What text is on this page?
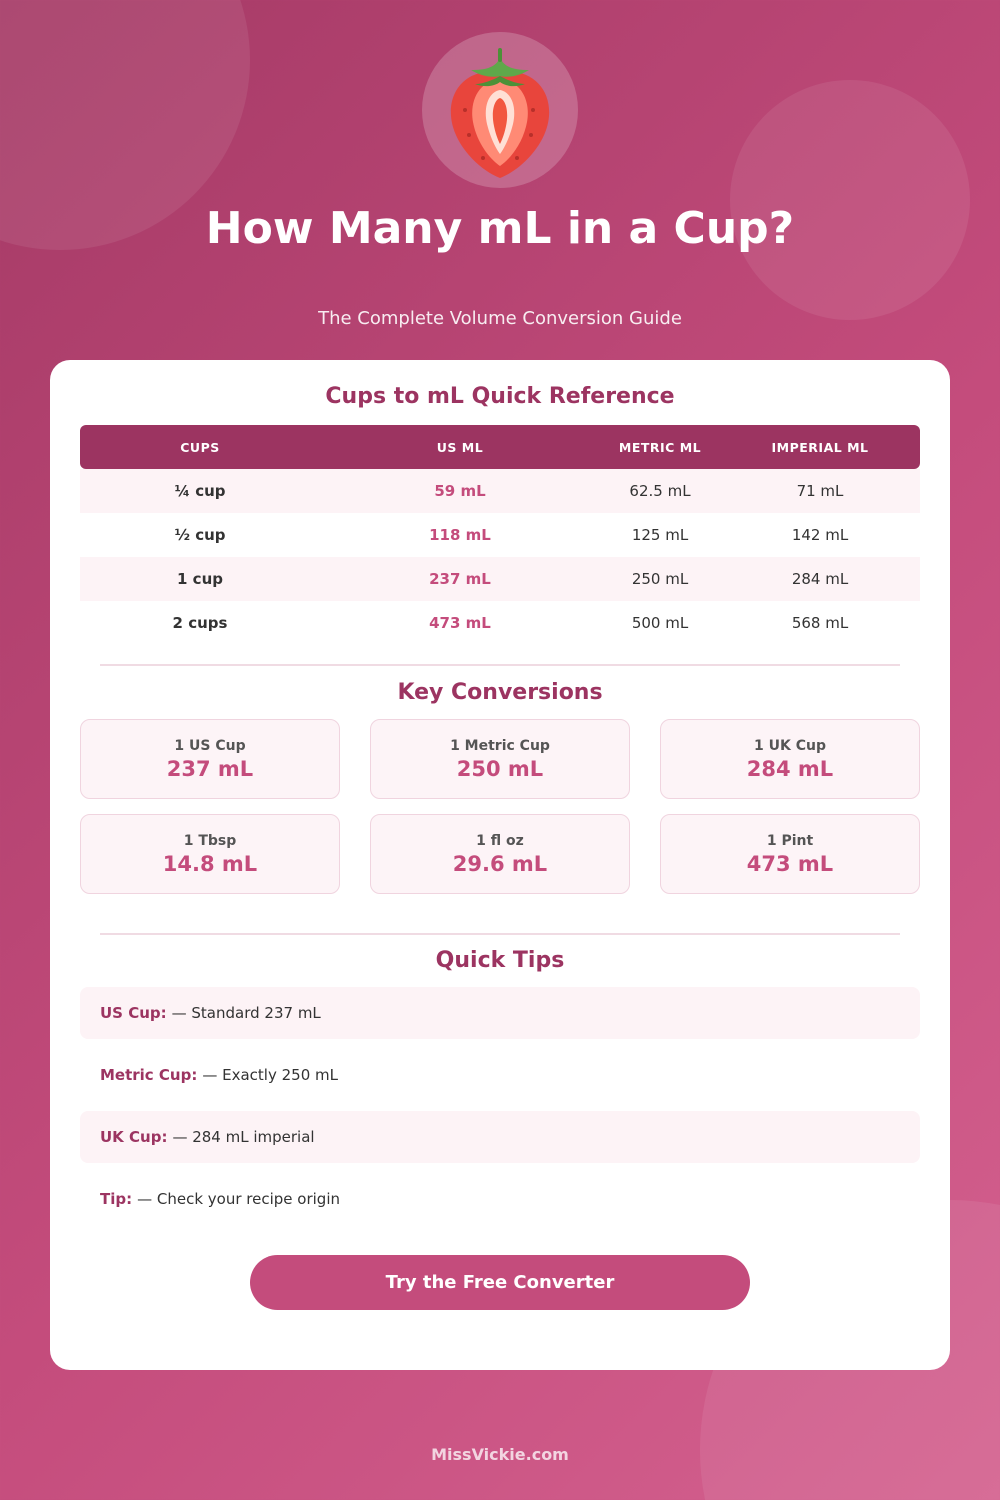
How Many mL in a Cup?
The Complete Volume Conversion Guide
Cups to mL Quick Reference
CUPS	US ML	METRIC ML	IMPERIAL ML
¼ cup	59 mL	62.5 mL	71 mL
½ cup	118 mL	125 mL	142 mL
1 cup	237 mL	250 mL	284 mL
2 cups	473 mL	500 mL	568 mL
Key Conversions
1 US Cup
237 mL
1 Metric Cup
250 mL
1 UK Cup
284 mL
1 Tbsp
14.8 mL
1 fl oz
29.6 mL
1 Pint
473 mL
Quick Tips
US Cup: — Standard 237 mL
Metric Cup: — Exactly 250 mL
UK Cup: — 284 mL imperial
Tip: — Check your recipe origin
Try the Free Converter
MissVickie.com
